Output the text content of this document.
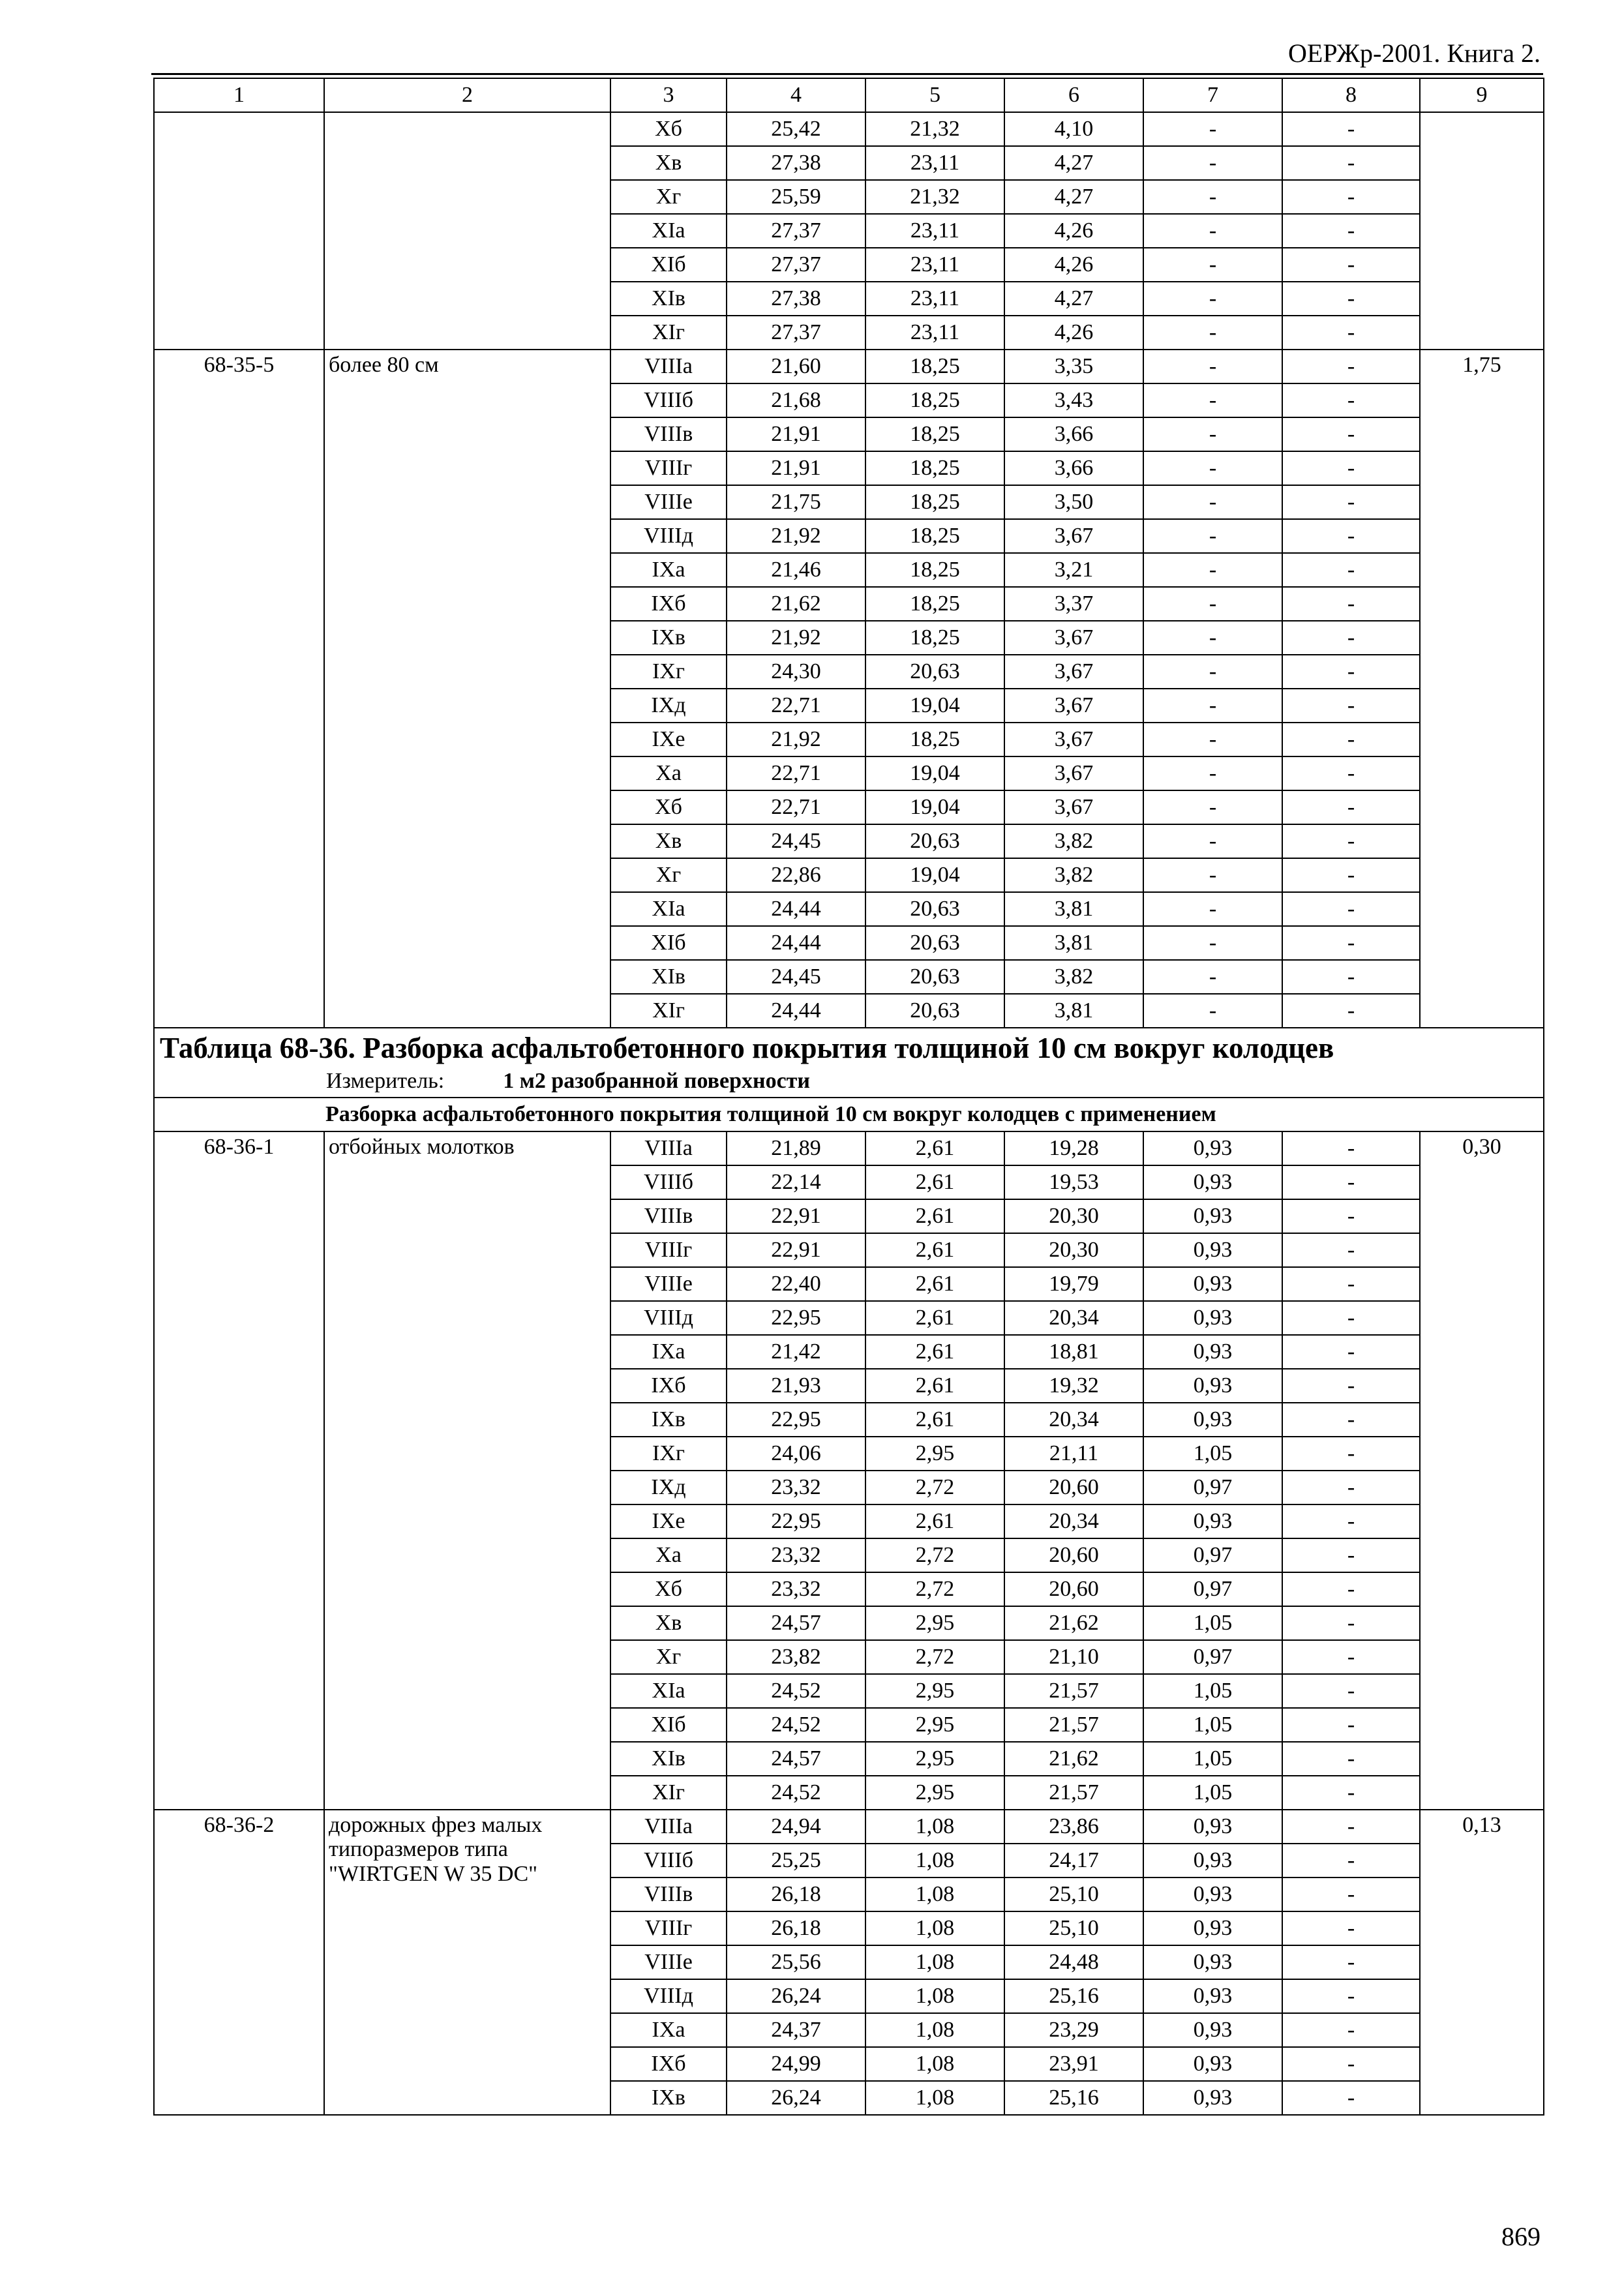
ОЕРЖр-2001. Книга 2.
1	2	3	4	5	6	7	8	9
		Xб	25,42	21,32	4,10	-	-	
		Xв	27,38	23,11	4,27	-	-	
		Xг	25,59	21,32	4,27	-	-	
		XIа	27,37	23,11	4,26	-	-	
		XIб	27,37	23,11	4,26	-	-	
		XIв	27,38	23,11	4,27	-	-	
		XIг	27,37	23,11	4,26	-	-	
68-35-5	более 80 см	VIIIа	21,60	18,25	3,35	-	-	1,75
		VIIIб	21,68	18,25	3,43	-	-	
		VIIIв	21,91	18,25	3,66	-	-	
		VIIIг	21,91	18,25	3,66	-	-	
		VIIIе	21,75	18,25	3,50	-	-	
		VIIIд	21,92	18,25	3,67	-	-	
		IXа	21,46	18,25	3,21	-	-	
		IXб	21,62	18,25	3,37	-	-	
		IXв	21,92	18,25	3,67	-	-	
		IXг	24,30	20,63	3,67	-	-	
		IXд	22,71	19,04	3,67	-	-	
		IXе	21,92	18,25	3,67	-	-	
		Xа	22,71	19,04	3,67	-	-	
		Xб	22,71	19,04	3,67	-	-	
		Xв	24,45	20,63	3,82	-	-	
		Xг	22,86	19,04	3,82	-	-	
		XIа	24,44	20,63	3,81	-	-	
		XIб	24,44	20,63	3,81	-	-	
		XIв	24,45	20,63	3,82	-	-	
		XIг	24,44	20,63	3,81	-	-	

Таблица 68-36. Разборка асфальтобетонного покрытия толщиной 10 см вокруг колодцев
Измеритель: 1 м2 разобранной поверхности								

Разборка асфальтобетонного покрытия толщиной 10 см вокруг колодцев с применением								
68-36-1	отбойных молотков	VIIIа	21,89	2,61	19,28	0,93	-	0,30
		VIIIб	22,14	2,61	19,53	0,93	-	
		VIIIв	22,91	2,61	20,30	0,93	-	
		VIIIг	22,91	2,61	20,30	0,93	-	
		VIIIе	22,40	2,61	19,79	0,93	-	
		VIIIд	22,95	2,61	20,34	0,93	-	
		IXа	21,42	2,61	18,81	0,93	-	
		IXб	21,93	2,61	19,32	0,93	-	
		IXв	22,95	2,61	20,34	0,93	-	
		IXг	24,06	2,95	21,11	1,05	-	
		IXд	23,32	2,72	20,60	0,97	-	
		IXе	22,95	2,61	20,34	0,93	-	
		Xа	23,32	2,72	20,60	0,97	-	
		Xб	23,32	2,72	20,60	0,97	-	
		Xв	24,57	2,95	21,62	1,05	-	
		Xг	23,82	2,72	21,10	0,97	-	
		XIа	24,52	2,95	21,57	1,05	-	
		XIб	24,52	2,95	21,57	1,05	-	
		XIв	24,57	2,95	21,62	1,05	-	
		XIг	24,52	2,95	21,57	1,05	-	
68-36-2	дорожных фрез малых типоразмеров типа "WIRTGEN W 35 DC"	VIIIа	24,94	1,08	23,86	0,93	-	0,13
		VIIIб	25,25	1,08	24,17	0,93	-	
		VIIIв	26,18	1,08	25,10	0,93	-	
		VIIIг	26,18	1,08	25,10	0,93	-	
		VIIIе	25,56	1,08	24,48	0,93	-	
		VIIIд	26,24	1,08	25,16	0,93	-	
		IXа	24,37	1,08	23,29	0,93	-	
		IXб	24,99	1,08	23,91	0,93	-	
		IXв	26,24	1,08	25,16	0,93	-	
869
